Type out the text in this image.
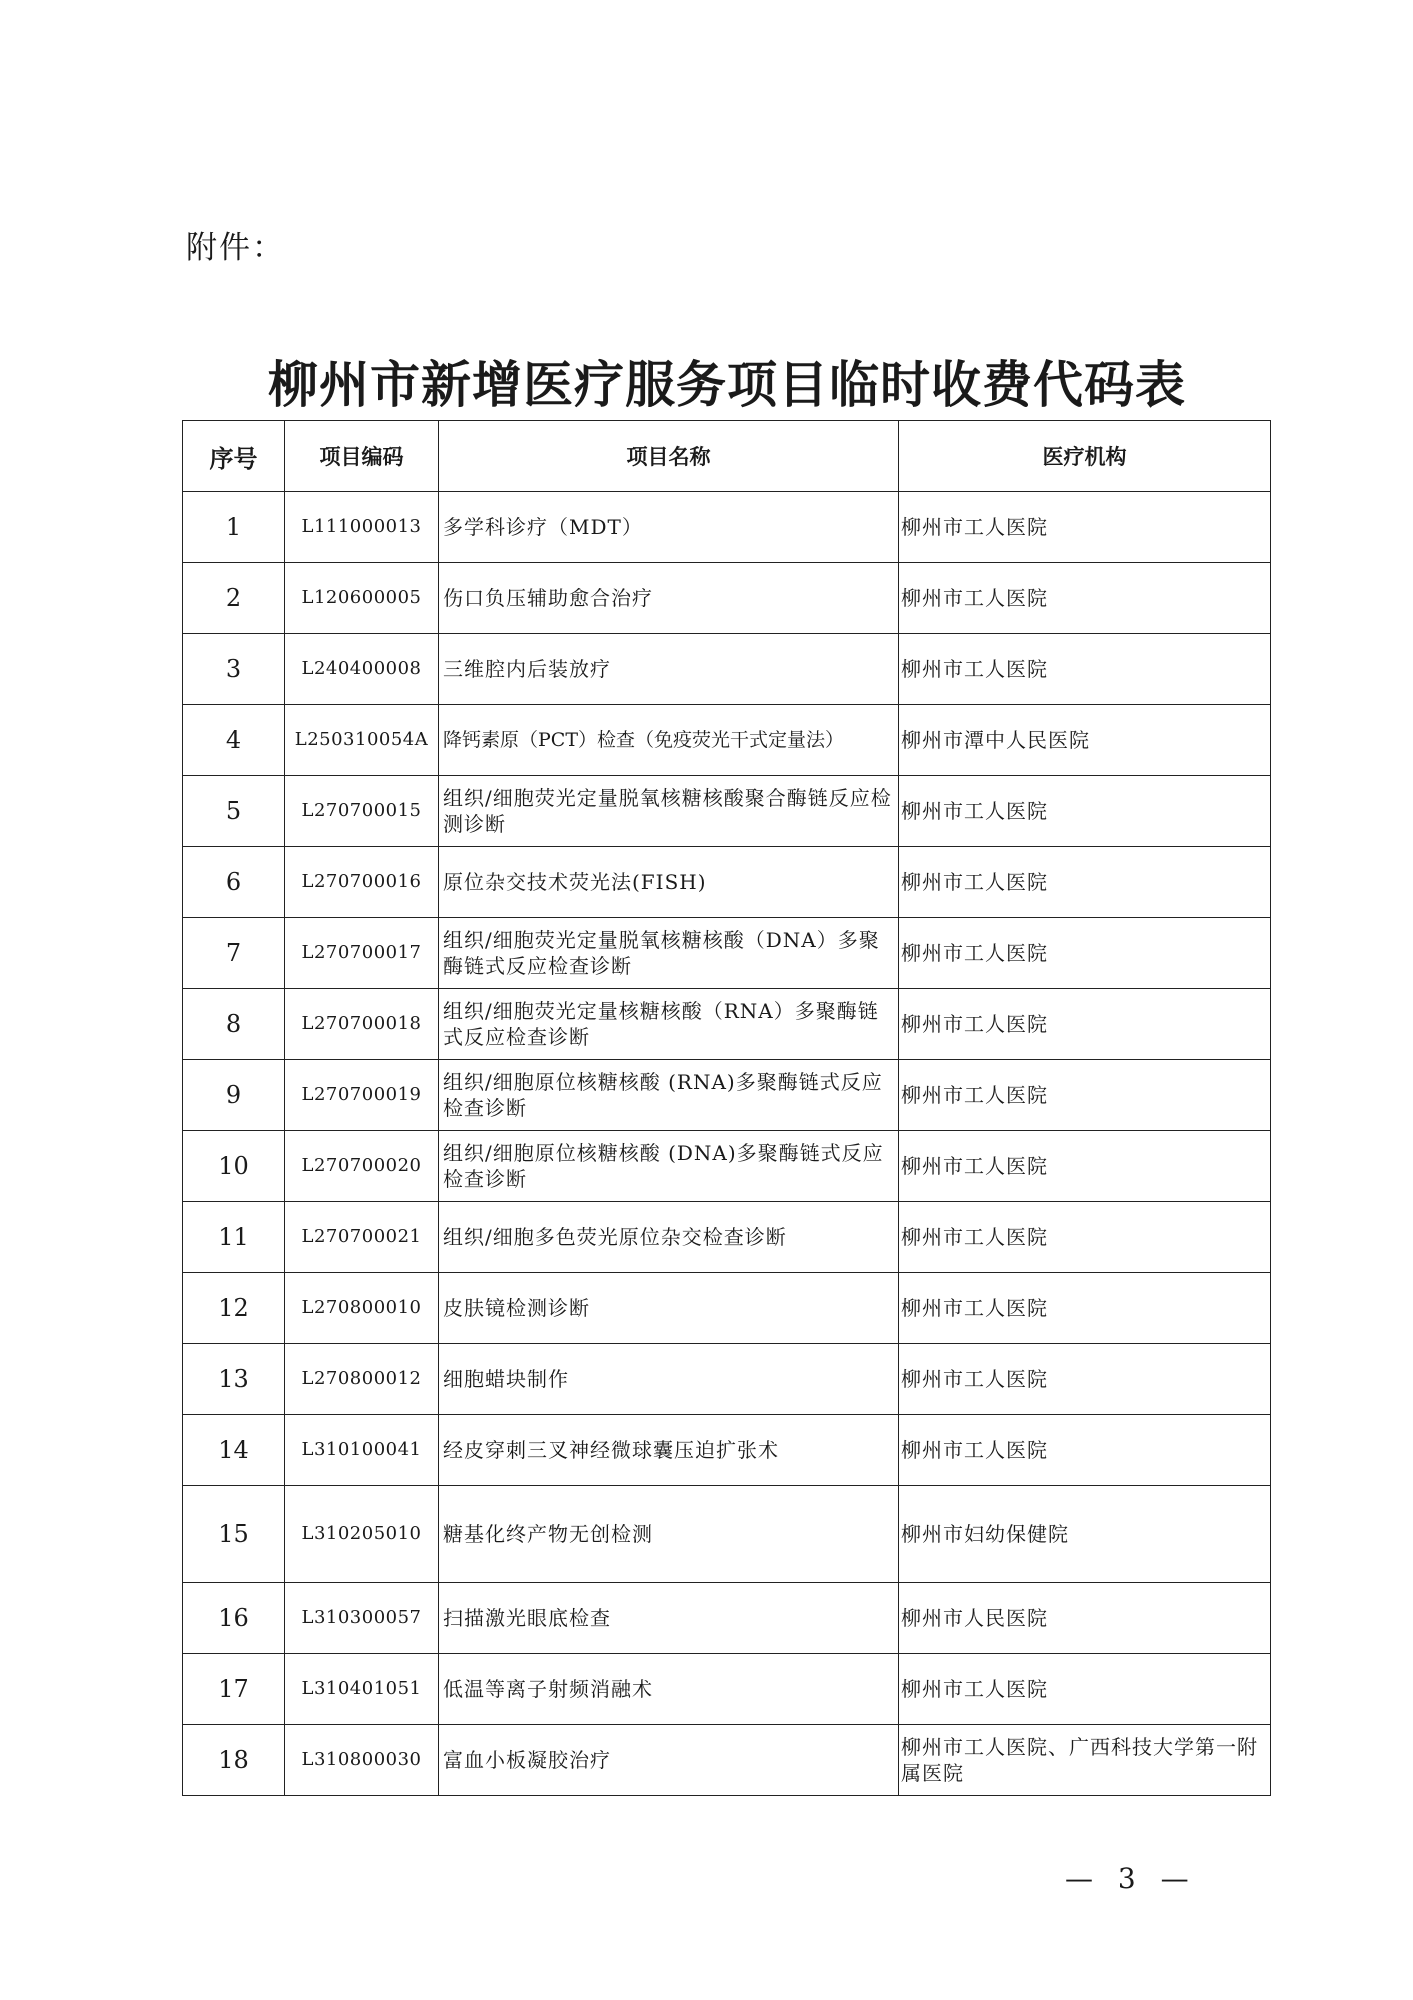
附件：
柳州市新增医疗服务项目临时收费代码表
序号	项目编码	项目名称	医疗机构
1	L111000013	多学科诊疗（MDT）	柳州市工人医院
2	L120600005	伤口负压辅助愈合治疗	柳州市工人医院
3	L240400008	三维腔内后装放疗	柳州市工人医院
4	L250310054A	降钙素原（PCT）检查（免疫荧光干式定量法）	柳州市潭中人民医院
5	L270700015	组织/细胞荧光定量脱氧核糖核酸聚合酶链反应检测诊断	柳州市工人医院
6	L270700016	原位杂交技术荧光法(FISH)	柳州市工人医院
7	L270700017	组织/细胞荧光定量脱氧核糖核酸（DNA）多聚酶链式反应检查诊断	柳州市工人医院
8	L270700018	组织/细胞荧光定量核糖核酸（RNA）多聚酶链式反应检查诊断	柳州市工人医院
9	L270700019	组织/细胞原位核糖核酸 (RNA)多聚酶链式反应检查诊断	柳州市工人医院
10	L270700020	组织/细胞原位核糖核酸 (DNA)多聚酶链式反应检查诊断	柳州市工人医院
11	L270700021	组织/细胞多色荧光原位杂交检查诊断	柳州市工人医院
12	L270800010	皮肤镜检测诊断	柳州市工人医院
13	L270800012	细胞蜡块制作	柳州市工人医院
14	L310100041	经皮穿刺三叉神经微球囊压迫扩张术	柳州市工人医院
15	L310205010	糖基化终产物无创检测	柳州市妇幼保健院
16	L310300057	扫描激光眼底检查	柳州市人民医院
17	L310401051	低温等离子射频消融术	柳州市工人医院
18	L310800030	富血小板凝胶治疗	柳州市工人医院、广西科技大学第一附属医院
— 3 —
